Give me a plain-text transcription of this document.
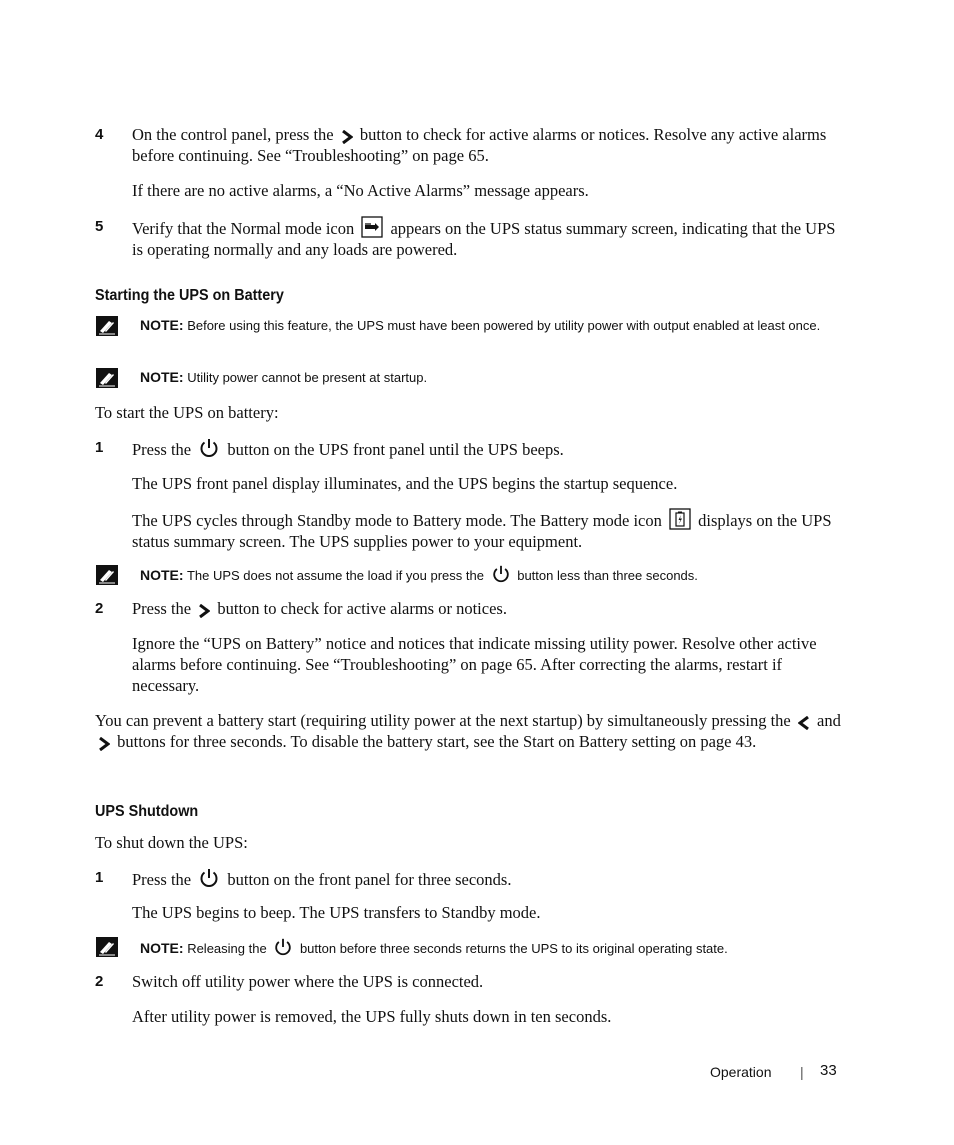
4 On the control panel, press the button to check for active alarms or notices. Resolve any active alarms before continuing. See “Troubleshooting” on page 65.
If there are no active alarms, a “No Active Alarms” message appears.
5 Verify that the Normal mode icon appears on the UPS status summary screen, indicating that the UPS is operating normally and any loads are powered.
Starting the UPS on Battery
NOTE: Before using this feature, the UPS must have been powered by utility power with output enabled at least once.
NOTE: Utility power cannot be present at startup.
To start the UPS on battery:
1 Press the button on the UPS front panel until the UPS beeps.
The UPS front panel display illuminates, and the UPS begins the startup sequence.
The UPS cycles through Standby mode to Battery mode. The Battery mode icon displays on the UPS status summary screen. The UPS supplies power to your equipment.
NOTE: The UPS does not assume the load if you press the	button less than three seconds.
2 Press the button to check for active alarms or notices.
Ignore the “UPS on Battery” notice and notices that indicate missing utility power. Resolve other active alarms before continuing. See “Troubleshooting” on page 65. After correcting the alarms, restart if necessary.
You can prevent a battery start (requiring utility power at the next startup) by simultaneously pressing the and  buttons for three seconds. To disable the battery start, see the Start on Battery setting on page 43.
UPS Shutdown
To shut down the UPS:
1 Press the button on the front panel for three seconds.
The UPS begins to beep. The UPS transfers to Standby mode.
NOTE: Releasing the	button before three seconds returns the UPS to its original operating state.
2 Switch off utility power where the UPS is connected.
After utility power is removed, the UPS fully shuts down in ten seconds.
Operation | 33
